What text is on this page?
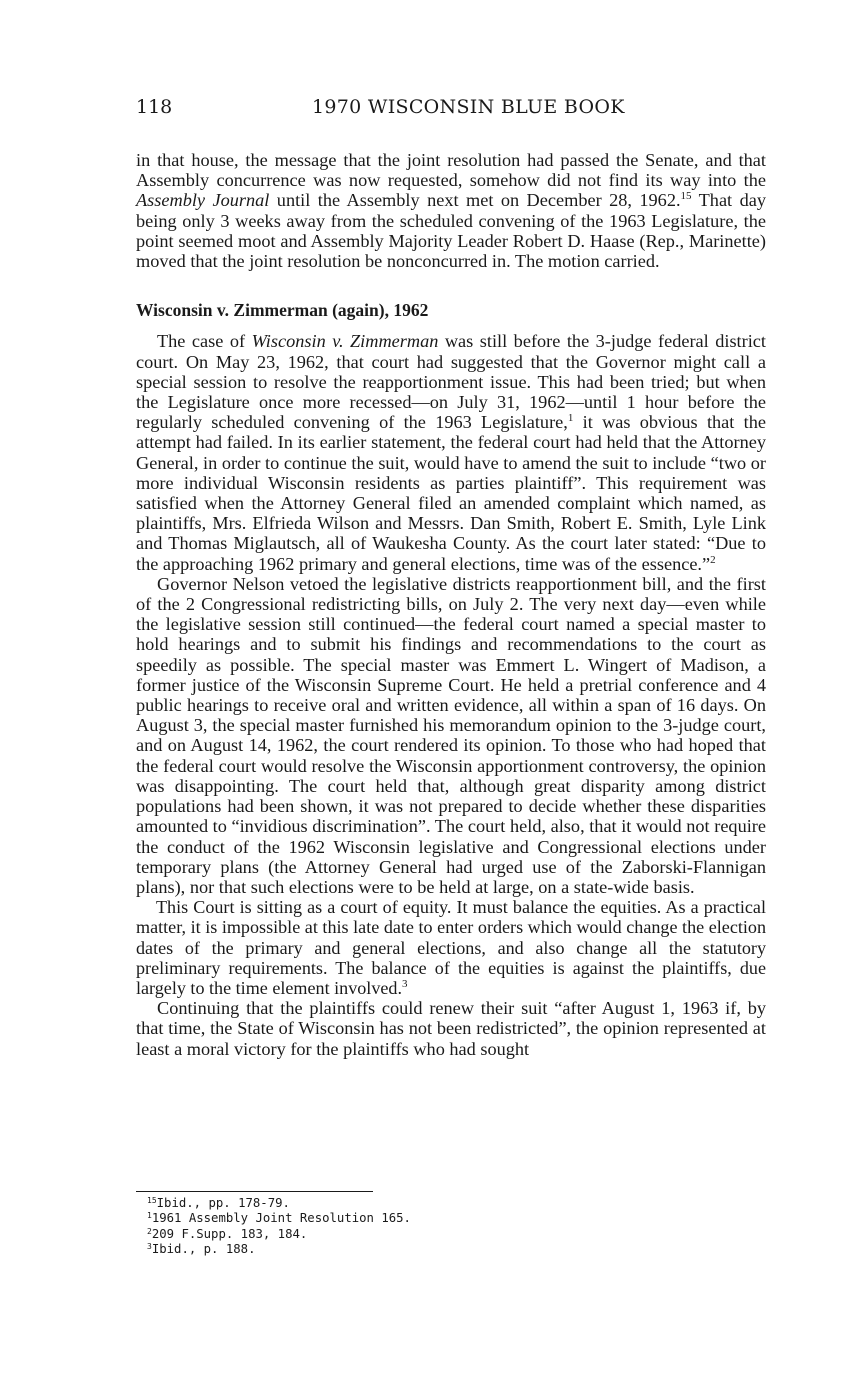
118	1970 WISCONSIN BLUE BOOK

in that house, the message that the joint resolution had passed the Senate, and that Assembly concurrence was now requested, somehow did not find its way into the Assembly Journal until the Assembly next met on December 28, 1962.15 That day being only 3 weeks away from the scheduled convening of the 1963 Legislature, the point seemed moot and Assembly Majority Leader Robert D. Haase (Rep., Marinette) moved that the joint resolution be nonconcurred in. The motion carried.

Wisconsin v. Zimmerman (again), 1962

The case of Wisconsin v. Zimmerman was still before the 3-judge federal district court. On May 23, 1962, that court had suggested that the Governor might call a special session to resolve the reapportionment issue. This had been tried; but when the Legislature once more recessed—on July 31, 1962—until 1 hour before the regularly scheduled convening of the 1963 Legislature,$^1$ it was obvious that the attempt had failed. In its earlier statement, the federal court had held that the Attorney General, in order to continue the suit, would have to amend the suit to include “two or more individual Wisconsin residents as parties plaintiff”. This requirement was satisfied when the Attorney General filed an amended complaint which named, as plaintiffs, Mrs. Elfrieda Wilson and Messrs. Dan Smith, Robert E. Smith, Lyle Link and Thomas Miglautsch, all of Waukesha County. As the court later stated: “Due to the approaching 1962 primary and general elections, time was of the essence.”$^2$

Governor Nelson vetoed the legislative districts reapportionment bill, and the first of the 2 Congressional redistricting bills, on July 2. The very next day—even while the legislative session still continued—the federal court named a special master to hold hearings and to submit his findings and recommendations to the court as speedily as possible. The special master was Emmert L. Wingert of Madison, a former justice of the Wisconsin Supreme Court. He held a pretrial conference and 4 public hearings to receive oral and written evidence, all within a span of 16 days. On August 3, the special master furnished his memorandum opinion to the 3-judge court, and on August 14, 1962, the court rendered its opinion. To those who had hoped that the federal court would resolve the Wisconsin apportionment controversy, the opinion was disappointing. The court held that, although great disparity among district populations had been shown, it was not prepared to decide whether these disparities amounted to “invidious discrimination”. The court held, also, that it would not require the conduct of the 1962 Wisconsin legislative and Congressional elections under temporary plans (the Attorney General had urged use of the Zaborski-Flannigan plans), nor that such elections were to be held at large, on a state-wide basis.

This Court is sitting as a court of equity. It must balance the equities. As a practical matter, it is impossible at this late date to enter orders which would change the election dates of the primary and general elections, and also change all the statutory preliminary requirements. The balance of the equities is against the plaintiffs, due largely to the time element involved.$^3$

Continuing that the plaintiffs could renew their suit “after August 1, 1963 if, by that time, the State of Wisconsin has not been redistricted”, the opinion represented at least a moral victory for the plaintiffs who had sought

$^{15}$Ibid., pp. 178-79.
$^1$1961 Assembly Joint Resolution 165.
$^2$209 F.Supp. 183, 184.
$^3$Ibid., p. 188.
